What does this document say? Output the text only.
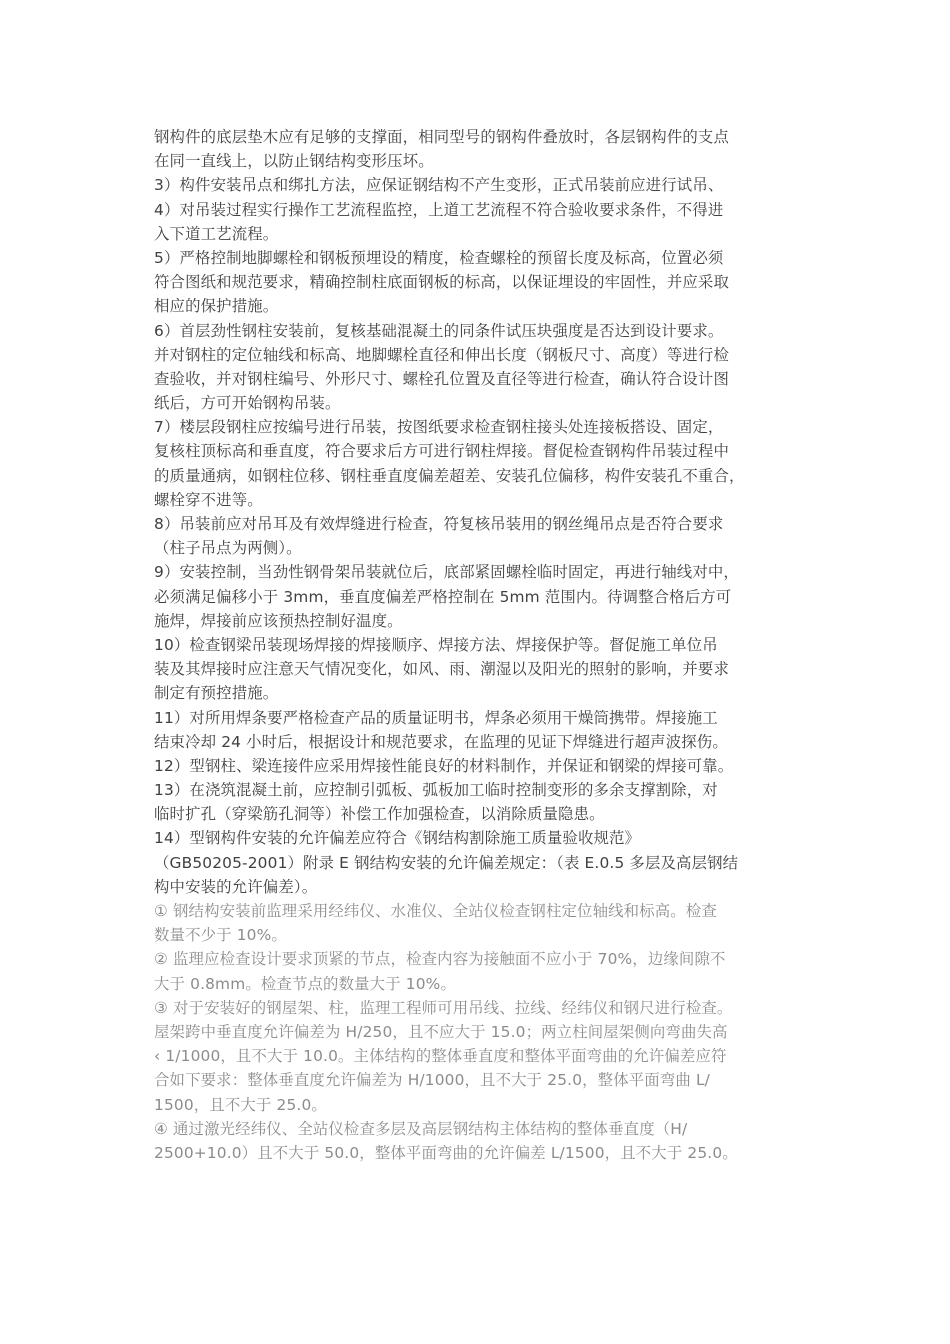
钢构件的底层垫木应有足够的支撑面，相同型号的钢构件叠放时，各层钢构件的支点
在同一直线上，以防止钢结构变形压坏。
3）构件安装吊点和绑扎方法，应保证钢结构不产生变形，正式吊装前应进行试吊、
4）对吊装过程实行操作工艺流程监控，上道工艺流程不符合验收要求条件，不得进
入下道工艺流程。
5）严格控制地脚螺栓和钢板预埋设的精度，检查螺栓的预留长度及标高，位置必须
符合图纸和规范要求，精确控制柱底面钢板的标高，以保证埋设的牢固性，并应采取
相应的保护措施。
6）首层劲性钢柱安装前，复核基础混凝土的同条件试压块强度是否达到设计要求。
并对钢柱的定位轴线和标高、地脚螺栓直径和伸出长度（钢板尺寸、高度）等进行检
查验收，并对钢柱编号、外形尺寸、螺栓孔位置及直径等进行检查，确认符合设计图
纸后，方可开始钢构吊装。
7）楼层段钢柱应按编号进行吊装，按图纸要求检查钢柱接头处连接板搭设、固定，
复核柱顶标高和垂直度，符合要求后方可进行钢柱焊接。督促检查钢构件吊装过程中
的质量通病，如钢柱位移、钢柱垂直度偏差超差、安装孔位偏移，构件安装孔不重合，
螺栓穿不进等。
8）吊装前应对吊耳及有效焊缝进行检查，符复核吊装用的钢丝绳吊点是否符合要求
（柱子吊点为两侧）。
9）安装控制，当劲性钢骨架吊装就位后，底部紧固螺栓临时固定，再进行轴线对中，
必须满足偏移小于 3mm，垂直度偏差严格控制在 5mm 范围内。待调整合格后方可
施焊，焊接前应该预热控制好温度。
10）检查钢梁吊装现场焊接的焊接顺序、焊接方法、焊接保护等。督促施工单位吊
装及其焊接时应注意天气情况变化，如风、雨、潮湿以及阳光的照射的影响，并要求
制定有预控措施。
11）对所用焊条要严格检查产品的质量证明书，焊条必须用干燥筒携带。焊接施工
结束冷却 24 小时后，根据设计和规范要求，在监理的见证下焊缝进行超声波探伤。
12）型钢柱、梁连接件应采用焊接性能良好的材料制作，并保证和钢梁的焊接可靠。
13）在浇筑混凝土前，应控制引弧板、弧板加工临时控制变形的多余支撑割除，对
临时扩孔（穿梁筋孔洞等）补偿工作加强检查，以消除质量隐患。
14）型钢构件安装的允许偏差应符合《钢结构割除施工质量验收规范》
（GB50205-2001）附录 E 钢结构安装的允许偏差规定：（表 E.0.5 多层及高层钢结
构中安装的允许偏差）。
① 钢结构安装前监理采用经纬仪、水准仪、全站仪检查钢柱定位轴线和标高。检查
数量不少于 10%。
② 监理应检查设计要求顶紧的节点，检查内容为接触面不应小于 70%，边缘间隙不
大于 0.8mm。检查节点的数量大于 10%。
③ 对于安装好的钢屋架、柱，监理工程师可用吊线、拉线、经纬仪和钢尺进行检查。
屋架跨中垂直度允许偏差为 H/250，且不应大于 15.0；两立柱间屋架侧向弯曲失高
‹ 1/1000，且不大于 10.0。主体结构的整体垂直度和整体平面弯曲的允许偏差应符
合如下要求：整体垂直度允许偏差为 H/1000，且不大于 25.0，整体平面弯曲 L/
1500，且不大于 25.0。
④ 通过激光经纬仪、全站仪检查多层及高层钢结构主体结构的整体垂直度（H/
2500+10.0）且不大于 50.0，整体平面弯曲的允许偏差 L/1500，且不大于 25.0。
